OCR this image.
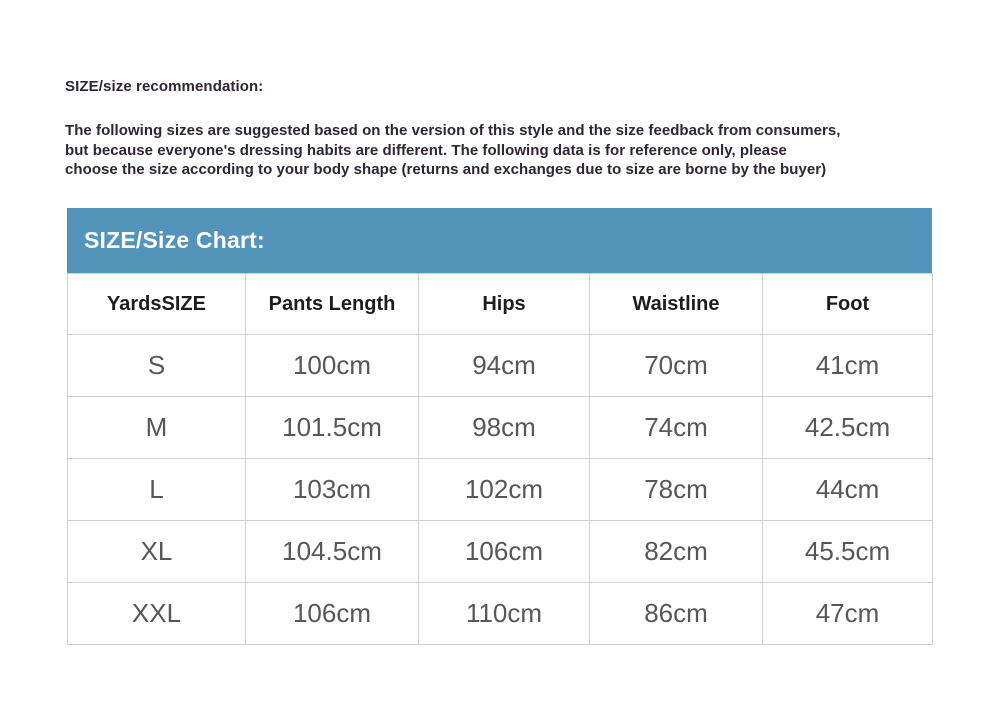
SIZE/size recommendation:

The following sizes are suggested based on the version of this style and the size feedback from consumers,
but because everyone's dressing habits are different. The following data is for reference only, please
choose the size according to your body shape (returns and exchanges due to size are borne by the buyer)

SIZE/Size Chart:
YardsSIZE	Pants Length	Hips	Waistline	Foot
S	100cm	94cm	70cm	41cm
M	101.5cm	98cm	74cm	42.5cm
L	103cm	102cm	78cm	44cm
XL	104.5cm	106cm	82cm	45.5cm
XXL	106cm	110cm	86cm	47cm
